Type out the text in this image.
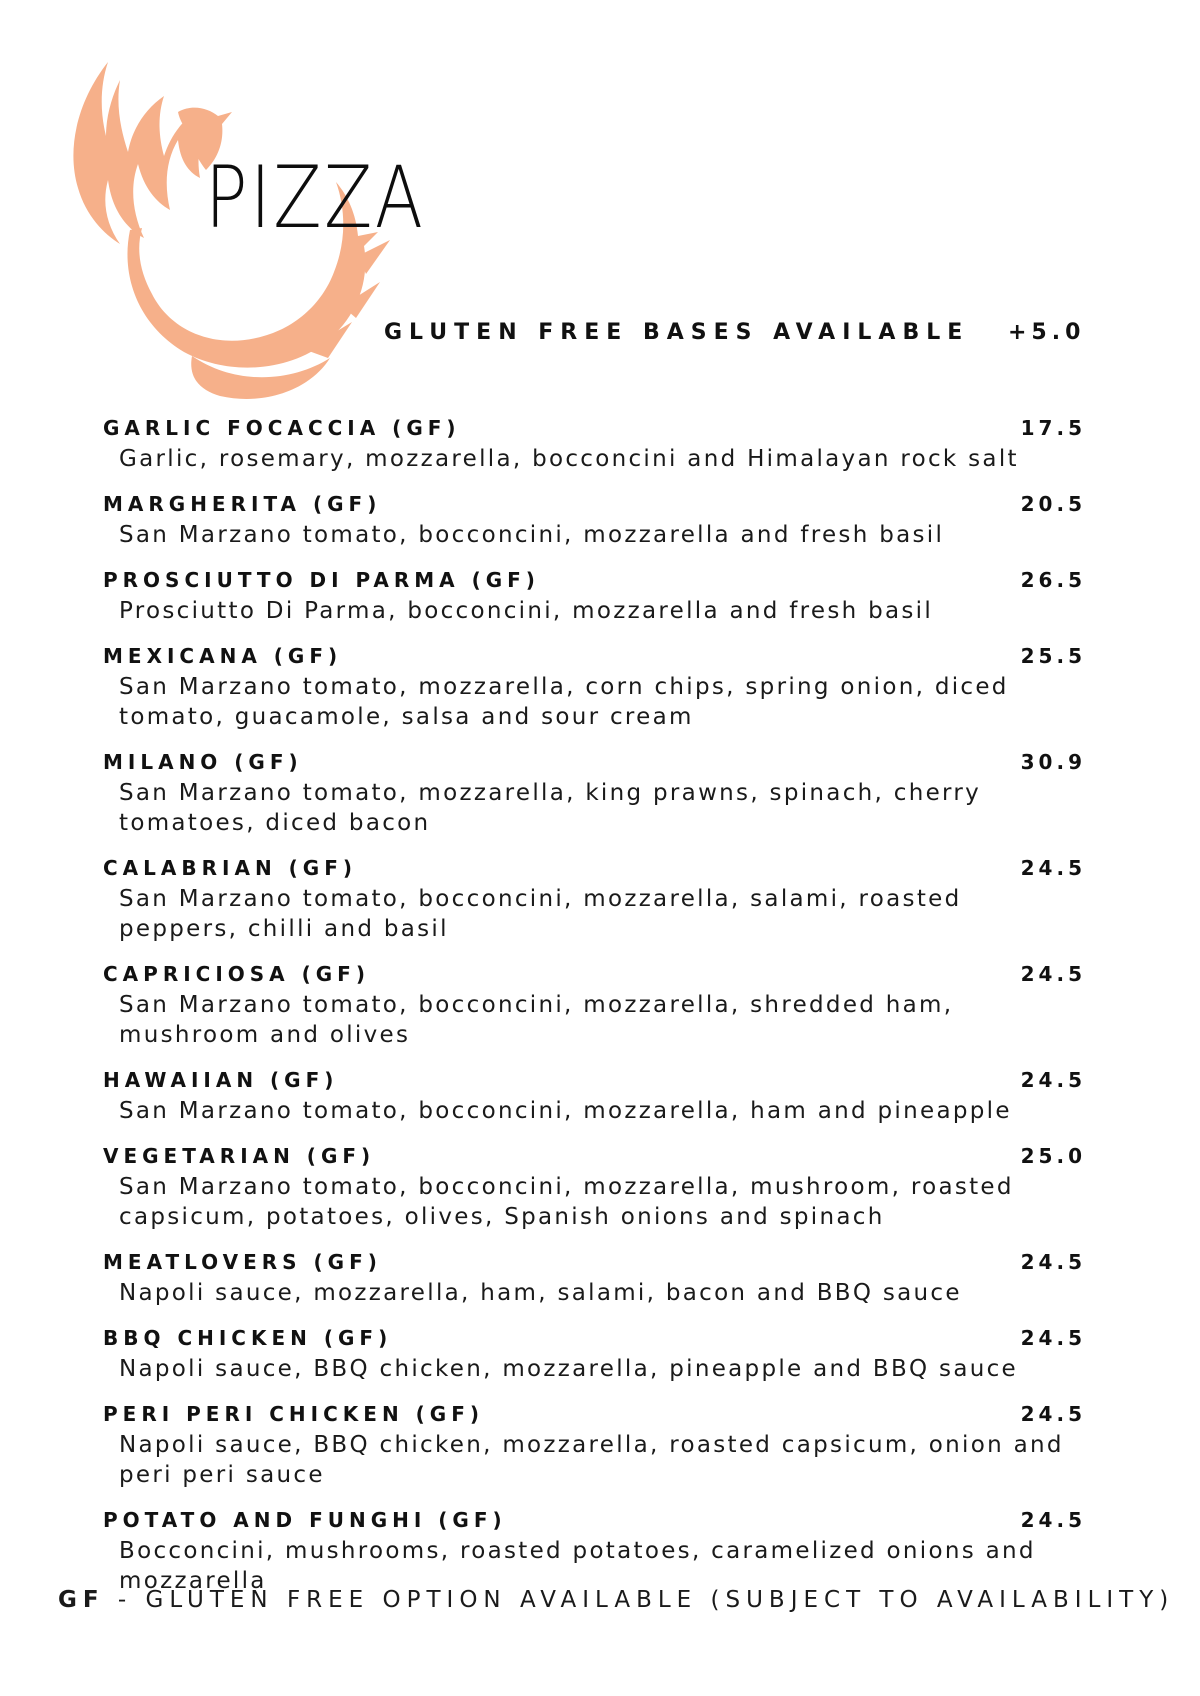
PIZZA
GLUTEN FREE BASES AVAILABLE +5.0
GARLIC FOCACCIA (GF)	17.5
Garlic, rosemary, mozzarella, bocconcini and Himalayan rock salt
MARGHERITA (GF)	20.5
San Marzano tomato, bocconcini, mozzarella and fresh basil
PROSCIUTTO DI PARMA (GF)	26.5
Prosciutto Di Parma, bocconcini, mozzarella and fresh basil
MEXICANA (GF)	25.5
San Marzano tomato, mozzarella, corn chips, spring onion, diced tomato, guacamole, salsa and sour cream
MILANO (GF)	30.9
San Marzano tomato, mozzarella, king prawns, spinach, cherry tomatoes, diced bacon
CALABRIAN (GF)	24.5
San Marzano tomato, bocconcini, mozzarella, salami, roasted peppers, chilli and basil
CAPRICIOSA (GF)	24.5
San Marzano tomato, bocconcini, mozzarella, shredded ham, mushroom and olives
HAWAIIAN (GF)	24.5
San Marzano tomato, bocconcini, mozzarella, ham and pineapple
VEGETARIAN (GF)	25.0
San Marzano tomato, bocconcini, mozzarella, mushroom, roasted capsicum, potatoes, olives, Spanish onions and spinach
MEATLOVERS (GF)	24.5
Napoli sauce, mozzarella, ham, salami, bacon and BBQ sauce
BBQ CHICKEN (GF)	24.5
Napoli sauce, BBQ chicken, mozzarella, pineapple and BBQ sauce
PERI PERI CHICKEN (GF)	24.5
Napoli sauce, BBQ chicken, mozzarella, roasted capsicum, onion and peri peri sauce
POTATO AND FUNGHI (GF)	24.5
Bocconcini, mushrooms, roasted potatoes, caramelized onions and mozzarella
GF - GLUTEN FREE OPTION AVAILABLE (SUBJECT TO AVAILABILITY)
